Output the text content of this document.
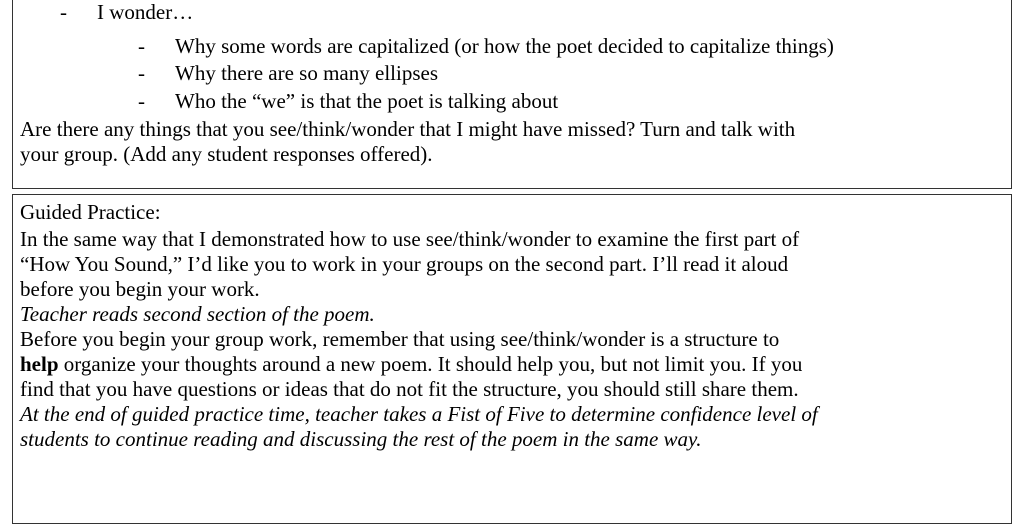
- I wonder…
- Why some words are capitalized (or how the poet decided to capitalize things)
- Why there are so many ellipses
- Who the “we” is that the poet is talking about
Are there any things that you see/think/wonder that I might have missed? Turn and talk with
your group. (Add any student responses offered).
Guided Practice:
In the same way that I demonstrated how to use see/think/wonder to examine the first part of
“How You Sound,” I’d like you to work in your groups on the second part. I’ll read it aloud
before you begin your work.
Teacher reads second section of the poem.
Before you begin your group work, remember that using see/think/wonder is a structure to
help organize your thoughts around a new poem. It should help you, but not limit you. If you
find that you have questions or ideas that do not fit the structure, you should still share them.
At the end of guided practice time, teacher takes a Fist of Five to determine confidence level of
students to continue reading and discussing the rest of the poem in the same way.
